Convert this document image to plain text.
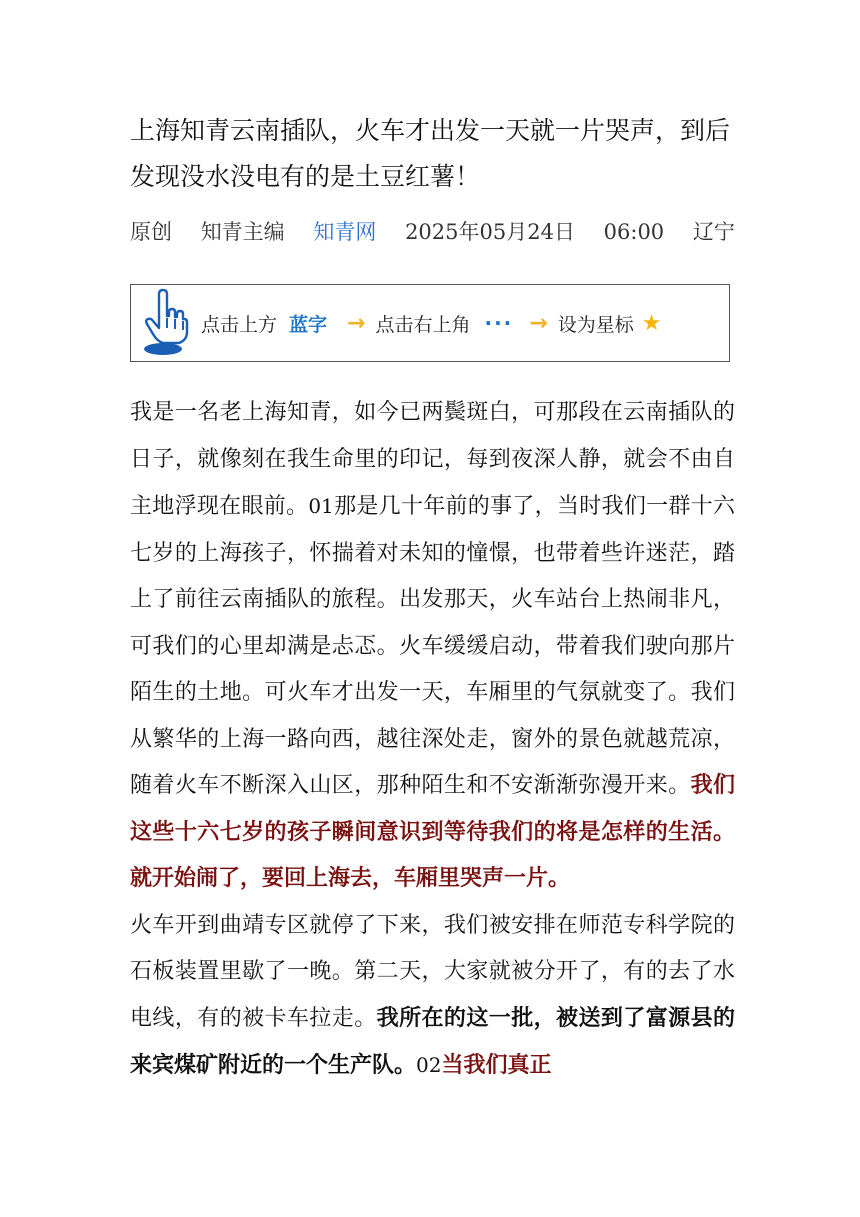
上海知青云南插队，火车才出发一天就一片哭声，到后发现没水没电有的是土豆红薯！
原创 知青主编 知青网 2025年05月24日 06:00 辽宁
点击上方 蓝字 → 点击右上角 ··· → 设为星标 ★

我是一名老上海知青，如今已两鬓斑白，可那段在云南插队的日子，就像刻在我生命里的印记，每到夜深人静，就会不由自主地浮现在眼前。01那是几十年前的事了，当时我们一群十六七岁的上海孩子，怀揣着对未知的憧憬，也带着些许迷茫，踏上了前往云南插队的旅程。出发那天，火车站台上热闹非凡，可我们的心里却满是忐忑。火车缓缓启动，带着我们驶向那片陌生的土地。可火车才出发一天，车厢里的气氛就变了。我们从繁华的上海一路向西，越往深处走，窗外的景色就越荒凉，随着火车不断深入山区，那种陌生和不安渐渐弥漫开来。我们这些十六七岁的孩子瞬间意识到等待我们的将是怎样的生活。就开始闹了，要回上海去，车厢里哭声一片。

火车开到曲靖专区就停了下来，我们被安排在师范专科学院的石板装置里歇了一晚。第二天，大家就被分开了，有的去了水电线，有的被卡车拉走。我所在的这一批，被送到了富源县的来宾煤矿附近的一个生产队。02当我们真正
